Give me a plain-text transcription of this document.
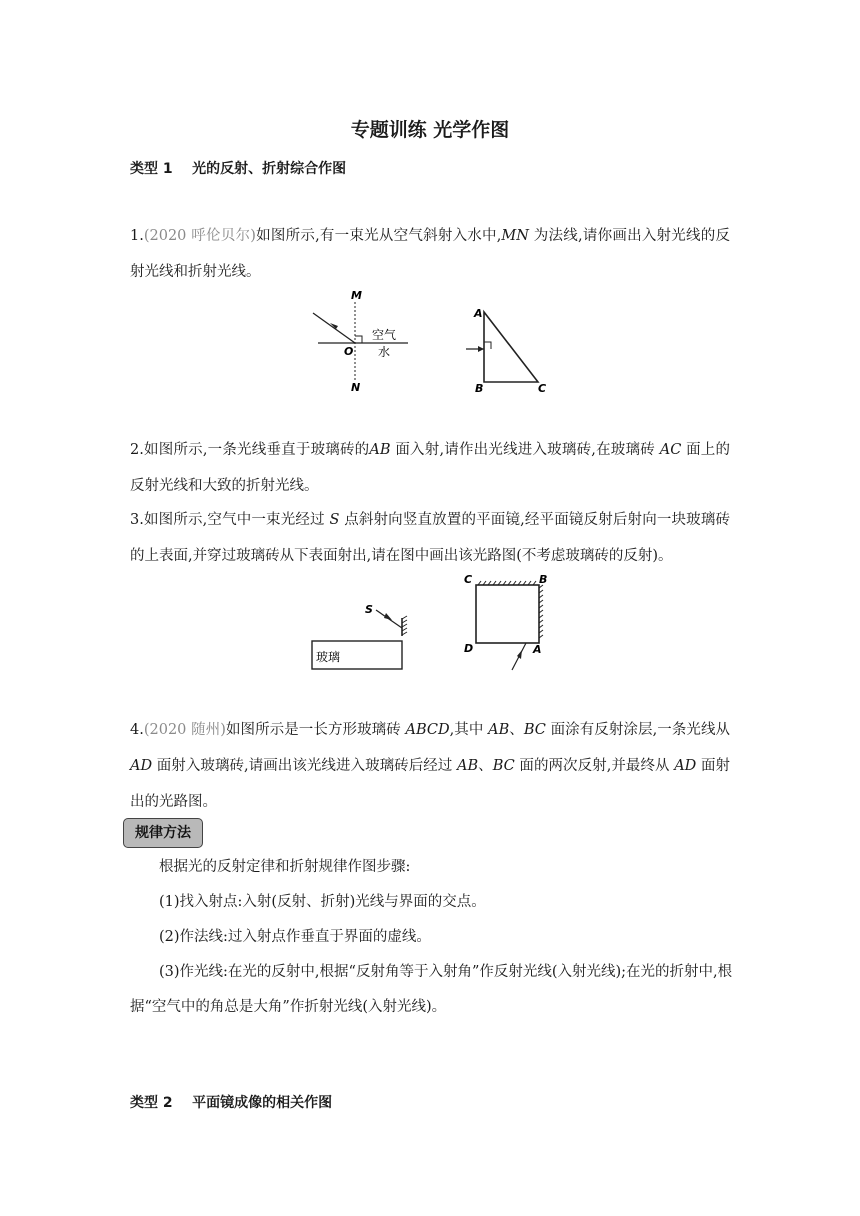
专题训练 光学作图
类型 1    光的反射、折射综合作图
1.(2020 呼伦贝尔)如图所示,有一束光从空气斜射入水中,MN 为法线,请你画出入射光线的反射光线和折射光线。
M
N
O
空气
水
A
B	C
2.如图所示,一条光线垂直于玻璃砖的AB 面入射,请作出光线进入玻璃砖,在玻璃砖 AC 面上的反射光线和大致的折射光线。
3.如图所示,空气中一束光经过 S 点斜射向竖直放置的平面镜,经平面镜反射后射向一块玻璃砖的上表面,并穿过玻璃砖从下表面射出,请在图中画出该光路图(不考虑玻璃砖的反射)。
S
玻璃
C	B
D	A
4.(2020 随州)如图所示是一长方形玻璃砖 ABCD,其中 AB、BC 面涂有反射涂层,一条光线从 AD 面射入玻璃砖,请画出该光线进入玻璃砖后经过 AB、BC 面的两次反射,并最终从 AD 面射出的光路图。
规律方法
根据光的反射定律和折射规律作图步骤:
(1)找入射点:入射(反射、折射)光线与界面的交点。
(2)作法线:过入射点作垂直于界面的虚线。
(3)作光线:在光的反射中,根据“反射角等于入射角”作反射光线(入射光线);在光的折射中,根据“空气中的角总是大角”作折射光线(入射光线)。
类型 2    平面镜成像的相关作图
